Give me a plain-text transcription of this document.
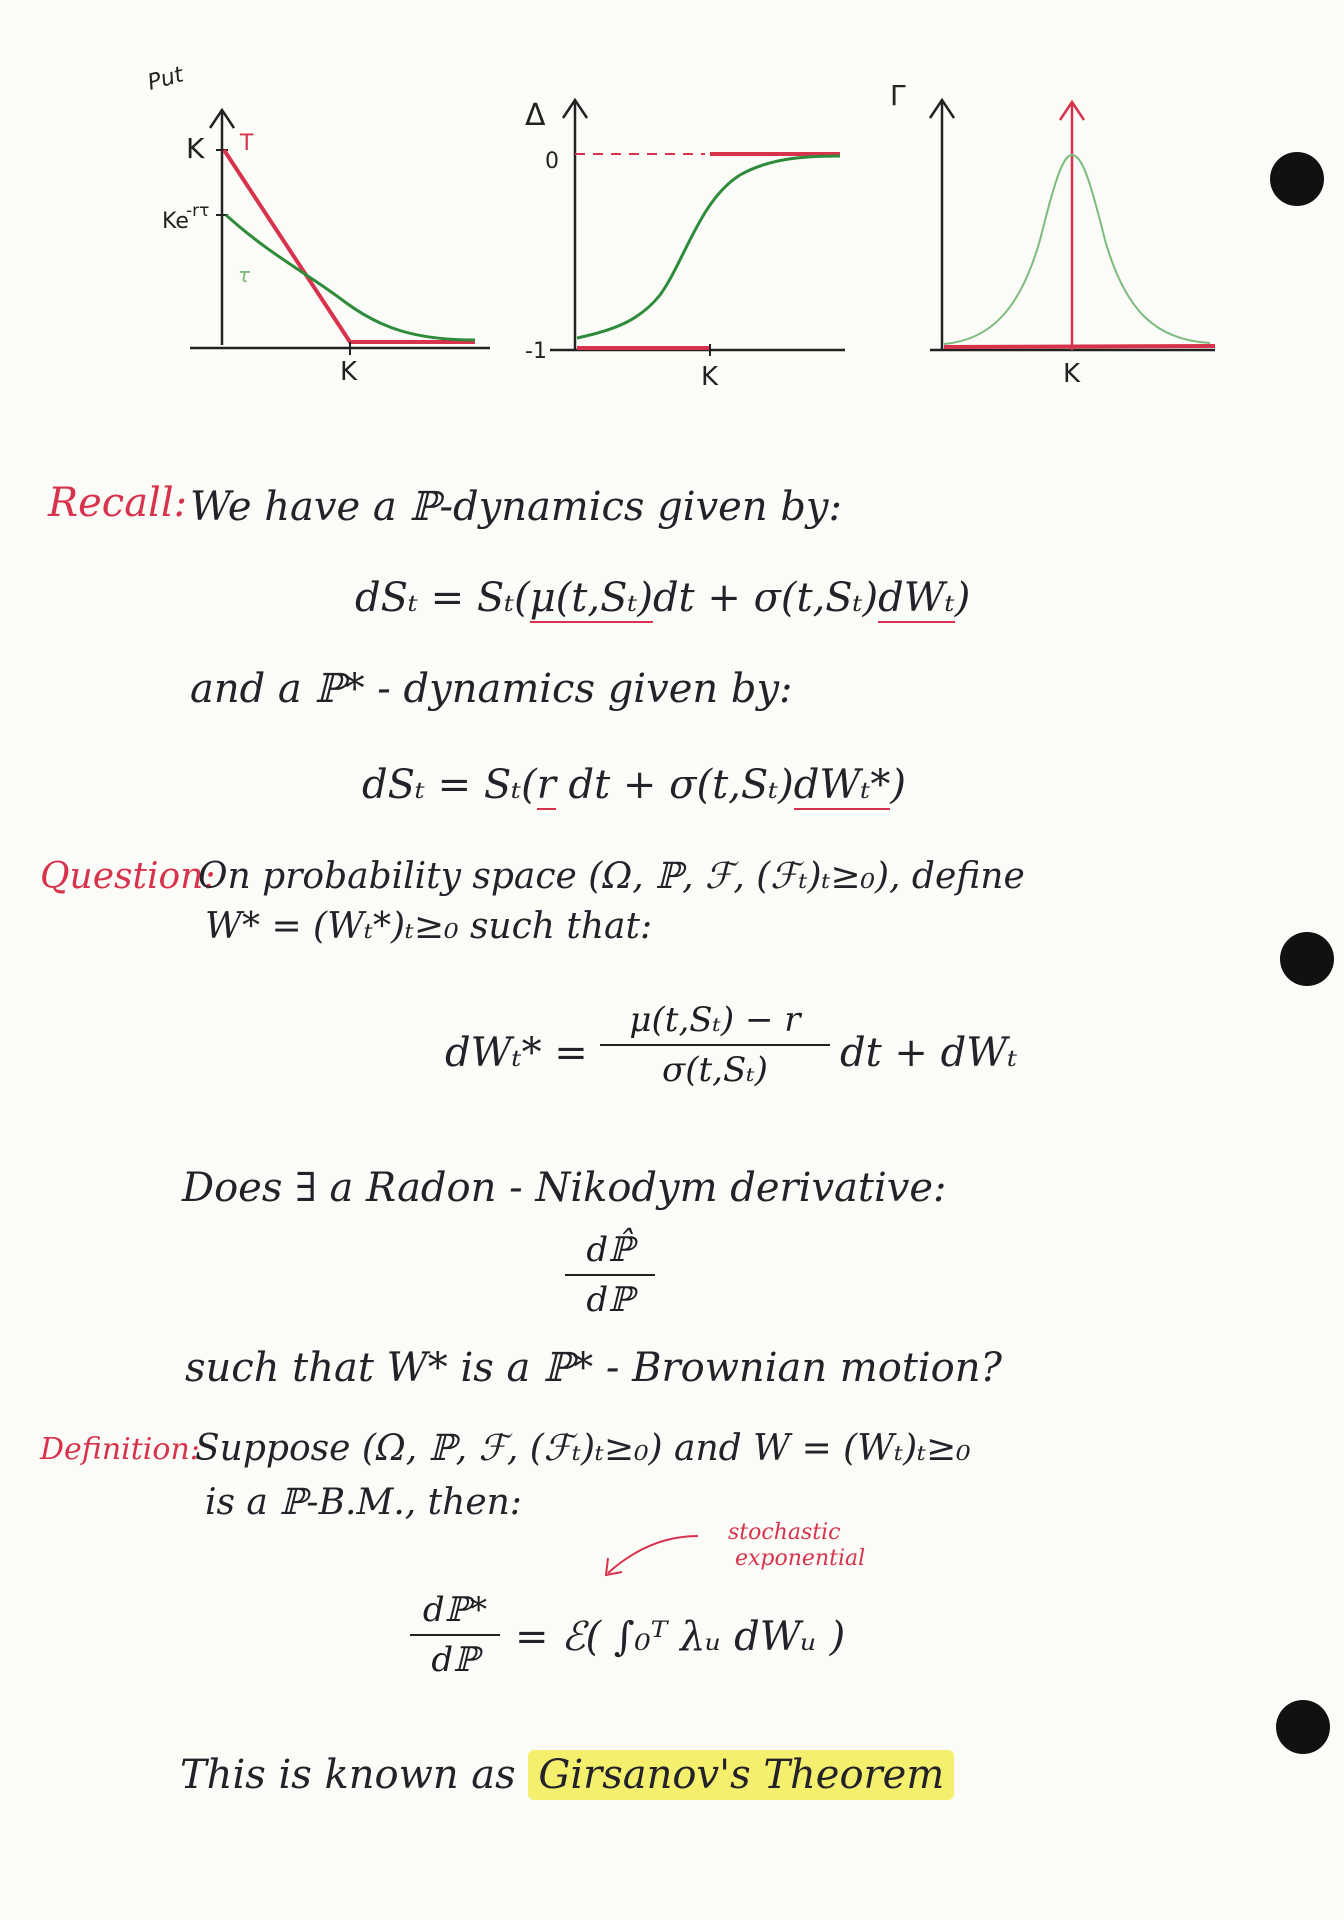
Put
K
Ke
-rτ
T
τ
K
Δ
0
-1
K
Γ
K
Recall: We have a ℙ-dynamics given by:
dSₜ = Sₜ(μ(t,Sₜ)dt + σ(t,Sₜ)dWₜ)
and a ℙ* - dynamics given by:
dSₜ = Sₜ(r dt + σ(t,Sₜ)dWₜ*)
Question:
On probability space (Ω, ℙ, ℱ, (ℱₜ)ₜ≥₀), define
W* = (Wₜ*)ₜ≥₀ such that:
dWₜ* =
μ(t,Sₜ) − r
σ(t,Sₜ)	dt + dWₜ
Does ∃ a Radon - Nikodym derivative:
dℙ̂
dℙ
such that W* is a ℙ* - Brownian motion?
Definition:
Suppose (Ω, ℙ, ℱ, (ℱₜ)ₜ≥₀) and W = (Wₜ)ₜ≥₀
is a ℙ-B.M., then:
stochastic
exponential
dℙ*
dℙ = ℰ( ∫₀ᵀ λᵤ dWᵤ )
This is known as Girsanov's Theorem
